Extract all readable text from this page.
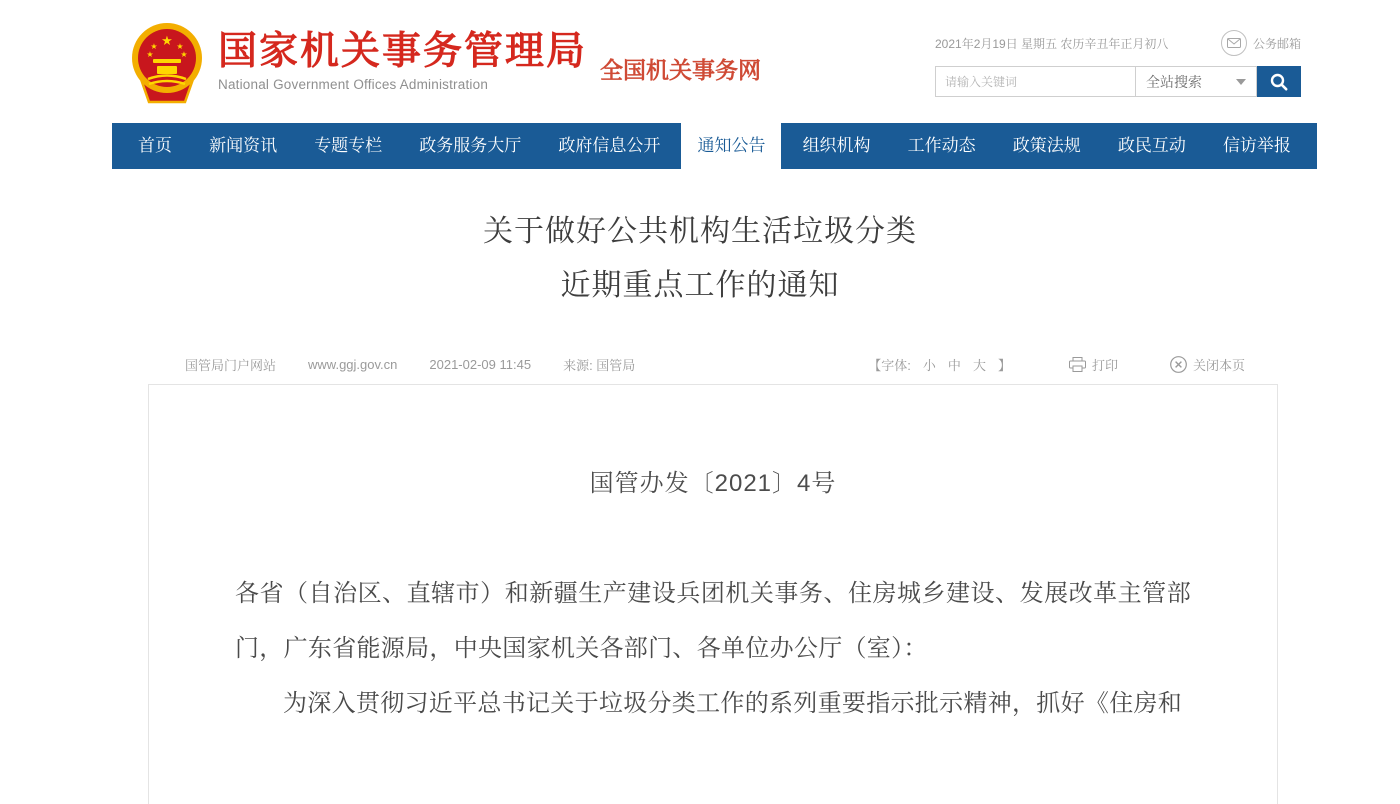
★
★ ★
★	★ 国家机关事务管理局
National Government Offices Administration
全国机关事务网
2021年2月19日 星期五 农历辛丑年正月初八	公务邮箱
请输入关键词
全站搜索
首页	新闻资讯	专题专栏	政务服务大厅	政府信息公开	通知公告	组织机构	工作动态	政策法规	政民互动	信访举报
关于做好公共机构生活垃圾分类
近期重点工作的通知
国管局门户网站 www.ggj.gov.cn 2021-02-09 11:45 来源: 国管局	【字体: 小 中 大 】	打印	关闭本页
国管办发〔2021〕4号

各省（自治区、直辖市）和新疆生产建设兵团机关事务、住房城乡建设、发展改革主管部门，广东省能源局，中央国家机关各部门、各单位办公厅（室）：

为深入贯彻习近平总书记关于垃圾分类工作的系列重要指示批示精神，抓好《住房和
